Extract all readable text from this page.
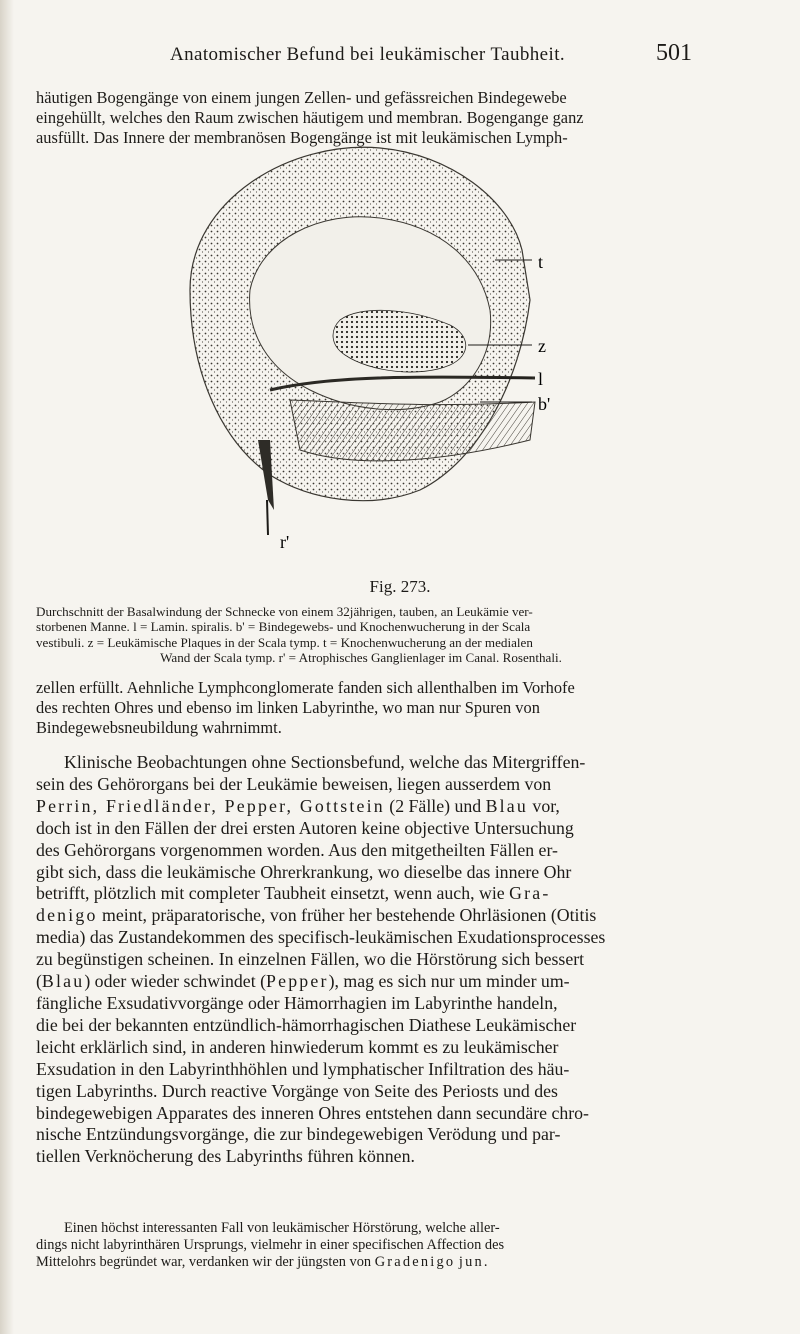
Anatomischer Befund bei leukämischer Taubheit.	501

häutigen Bogengänge von einem jungen Zellen- und gefässreichen Bindegewebe

eingehüllt, welches den Raum zwischen häutigem und membran. Bogengange ganz

ausfüllt. Das Innere der membranösen Bogengänge ist mit leukämischen Lymph-

t
z
l
b'
r'
Fig. 273.

Durchschnitt der Basalwindung der Schnecke von einem 32jährigen, tauben, an Leukämie ver-

storbenen Manne. l = Lamin. spiralis. b' = Bindegewebs- und Knochenwucherung in der Scala

vestibuli. z = Leukämische Plaques in der Scala tymp. t = Knochenwucherung an der medialen

Wand der Scala tymp. r' = Atrophisches Ganglienlager im Canal. Rosenthali.

zellen erfüllt. Aehnliche Lymphconglomerate fanden sich allenthalben im Vorhofe

des rechten Ohres und ebenso im linken Labyrinthe, wo man nur Spuren von

Bindegewebsneubildung wahrnimmt.

Klinische Beobachtungen ohne Sectionsbefund, welche das Mitergriffen-

sein des Gehörorgans bei der Leukämie beweisen, liegen ausserdem von

Perrin, Friedländer, Pepper, Gottstein (2 Fälle) und Blau vor,

doch ist in den Fällen der drei ersten Autoren keine objective Untersuchung

des Gehörorgans vorgenommen worden. Aus den mitgetheilten Fällen er-

gibt sich, dass die leukämische Ohrerkrankung, wo dieselbe das innere Ohr

betrifft, plötzlich mit completer Taubheit einsetzt, wenn auch, wie Gra-

denigo meint, präparatorische, von früher her bestehende Ohrläsionen (Otitis

media) das Zustandekommen des specifisch-leukämischen Exudationsprocesses

zu begünstigen scheinen. In einzelnen Fällen, wo die Hörstörung sich bessert

(Blau) oder wieder schwindet (Pepper), mag es sich nur um minder um-

fängliche Exsudativvorgänge oder Hämorrhagien im Labyrinthe handeln,

die bei der bekannten entzündlich-hämorrhagischen Diathese Leukämischer

leicht erklärlich sind, in anderen hinwiederum kommt es zu leukämischer

Exsudation in den Labyrinthhöhlen und lymphatischer Infiltration des häu-

tigen Labyrinths. Durch reactive Vorgänge von Seite des Periosts und des

bindegewebigen Apparates des inneren Ohres entstehen dann secundäre chro-

nische Entzündungsvorgänge, die zur bindegewebigen Verödung und par-

tiellen Verknöcherung des Labyrinths führen können.

Einen höchst interessanten Fall von leukämischer Hörstörung, welche aller-

dings nicht labyrinthären Ursprungs, vielmehr in einer specifischen Affection des

Mittelohrs begründet war, verdanken wir der jüngsten von Gradenigo jun.
